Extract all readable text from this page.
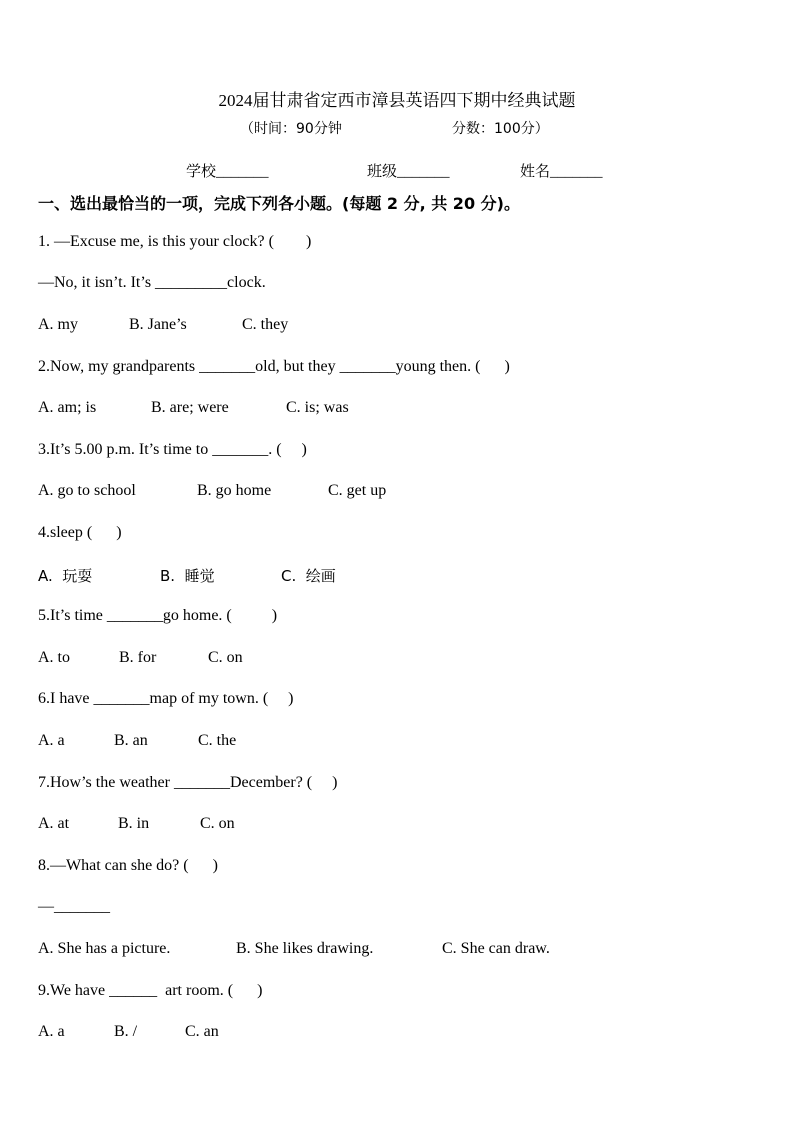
2024届甘肃省定西市漳县英语四下期中经典试题
（时间：90分钟	分数：100分）
学校_______	班级_______	姓名_______
一、选出最恰当的一项，完成下列各小题。(每题 2 分, 共 20 分)。
1. —Excuse me, is this your clock? (        )
—No, it isn’t. It’s _________clock.
A. my	B. Jane’s	C. they
2.Now, my grandparents _______old, but they _______young then. (      )
A. am; is	B. are; were	C. is; was
3.It’s 5.00 p.m. It’s time to _______. (     )
A. go to school	B. go home	C. get up
4.sleep (      )
A.  玩耍	B.  睡觉	C.  绘画
5.It’s time _______go home. (          )
A. to	B. for	C. on
6.I have _______map of my town. (     )
A. a	B. an	C. the
7.How’s the weather _______December? (     )
A. at	B. in	C. on
8.—What can she do? (      )
—_______
A. She has a picture.	B. She likes drawing.	C. She can draw.
9.We have ______  art room. (      )
A. a	B. /	C. an
